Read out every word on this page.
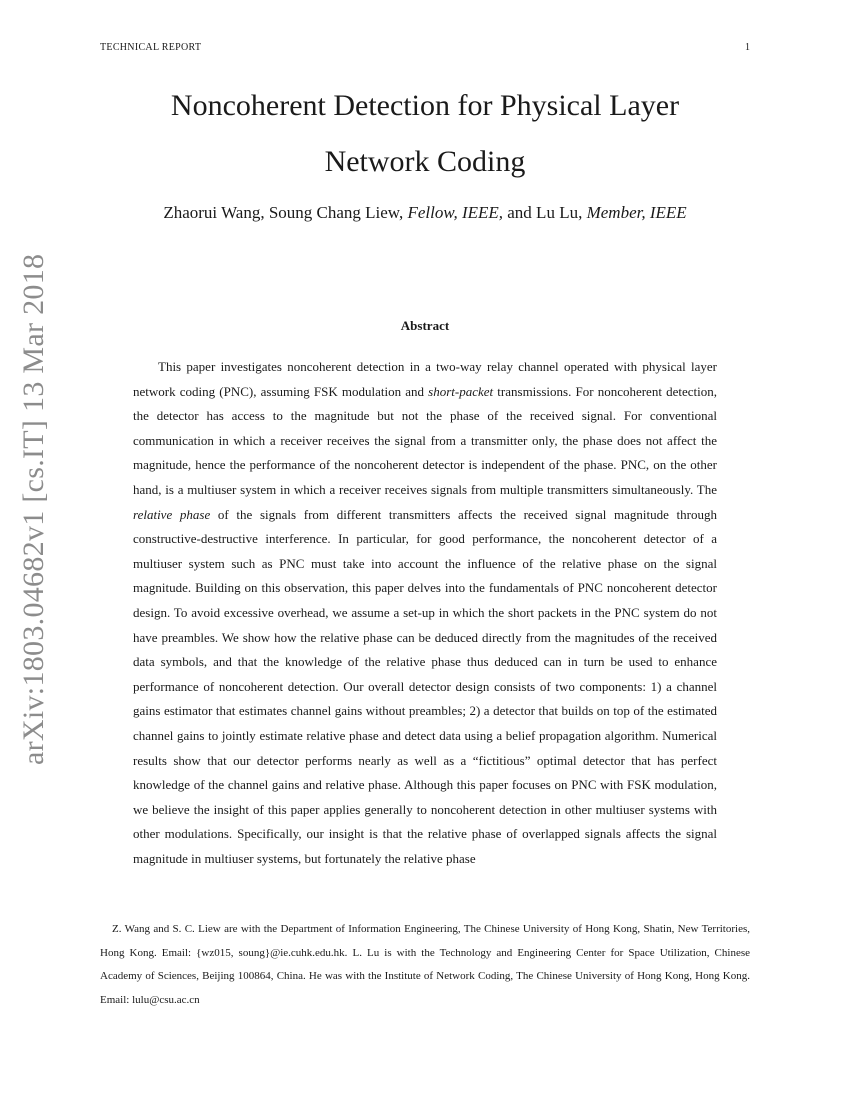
TECHNICAL REPORT	1
arXiv:1803.04682v1 [cs.IT] 13 Mar 2018
Noncoherent Detection for Physical Layer
Network Coding
Zhaorui Wang, Soung Chang Liew, Fellow, IEEE, and Lu Lu, Member, IEEE
Abstract

This paper investigates noncoherent detection in a two-way relay channel operated with physical layer network coding (PNC), assuming FSK modulation and short-packet transmissions. For noncoherent detection, the detector has access to the magnitude but not the phase of the received signal. For conventional communication in which a receiver receives the signal from a transmitter only, the phase does not affect the magnitude, hence the performance of the noncoherent detector is independent of the phase. PNC, on the other hand, is a multiuser system in which a receiver receives signals from multiple transmitters simultaneously. The relative phase of the signals from different transmitters affects the received signal magnitude through constructive-destructive interference. In particular, for good performance, the noncoherent detector of a multiuser system such as PNC must take into account the influence of the relative phase on the signal magnitude. Building on this observation, this paper delves into the fundamentals of PNC noncoherent detector design. To avoid excessive overhead, we assume a set-up in which the short packets in the PNC system do not have preambles. We show how the relative phase can be deduced directly from the magnitudes of the received data symbols, and that the knowledge of the relative phase thus deduced can in turn be used to enhance performance of noncoherent detection. Our overall detector design consists of two components: 1) a channel gains estimator that estimates channel gains without preambles; 2) a detector that builds on top of the estimated channel gains to jointly estimate relative phase and detect data using a belief propagation algorithm. Numerical results show that our detector performs nearly as well as a “fictitious” optimal detector that has perfect knowledge of the channel gains and relative phase. Although this paper focuses on PNC with FSK modulation, we believe the insight of this paper applies generally to noncoherent detection in other multiuser systems with other modulations. Specifically, our insight is that the relative phase of overlapped signals affects the signal magnitude in multiuser systems, but fortunately the relative phase

Z. Wang and S. C. Liew are with the Department of Information Engineering, The Chinese University of Hong Kong, Shatin, New Territories, Hong Kong. Email: {wz015, soung}@ie.cuhk.edu.hk. L. Lu is with the Technology and Engineering Center for Space Utilization, Chinese Academy of Sciences, Beijing 100864, China. He was with the Institute of Network Coding, The Chinese University of Hong Kong, Hong Kong. Email: lulu@csu.ac.cn
